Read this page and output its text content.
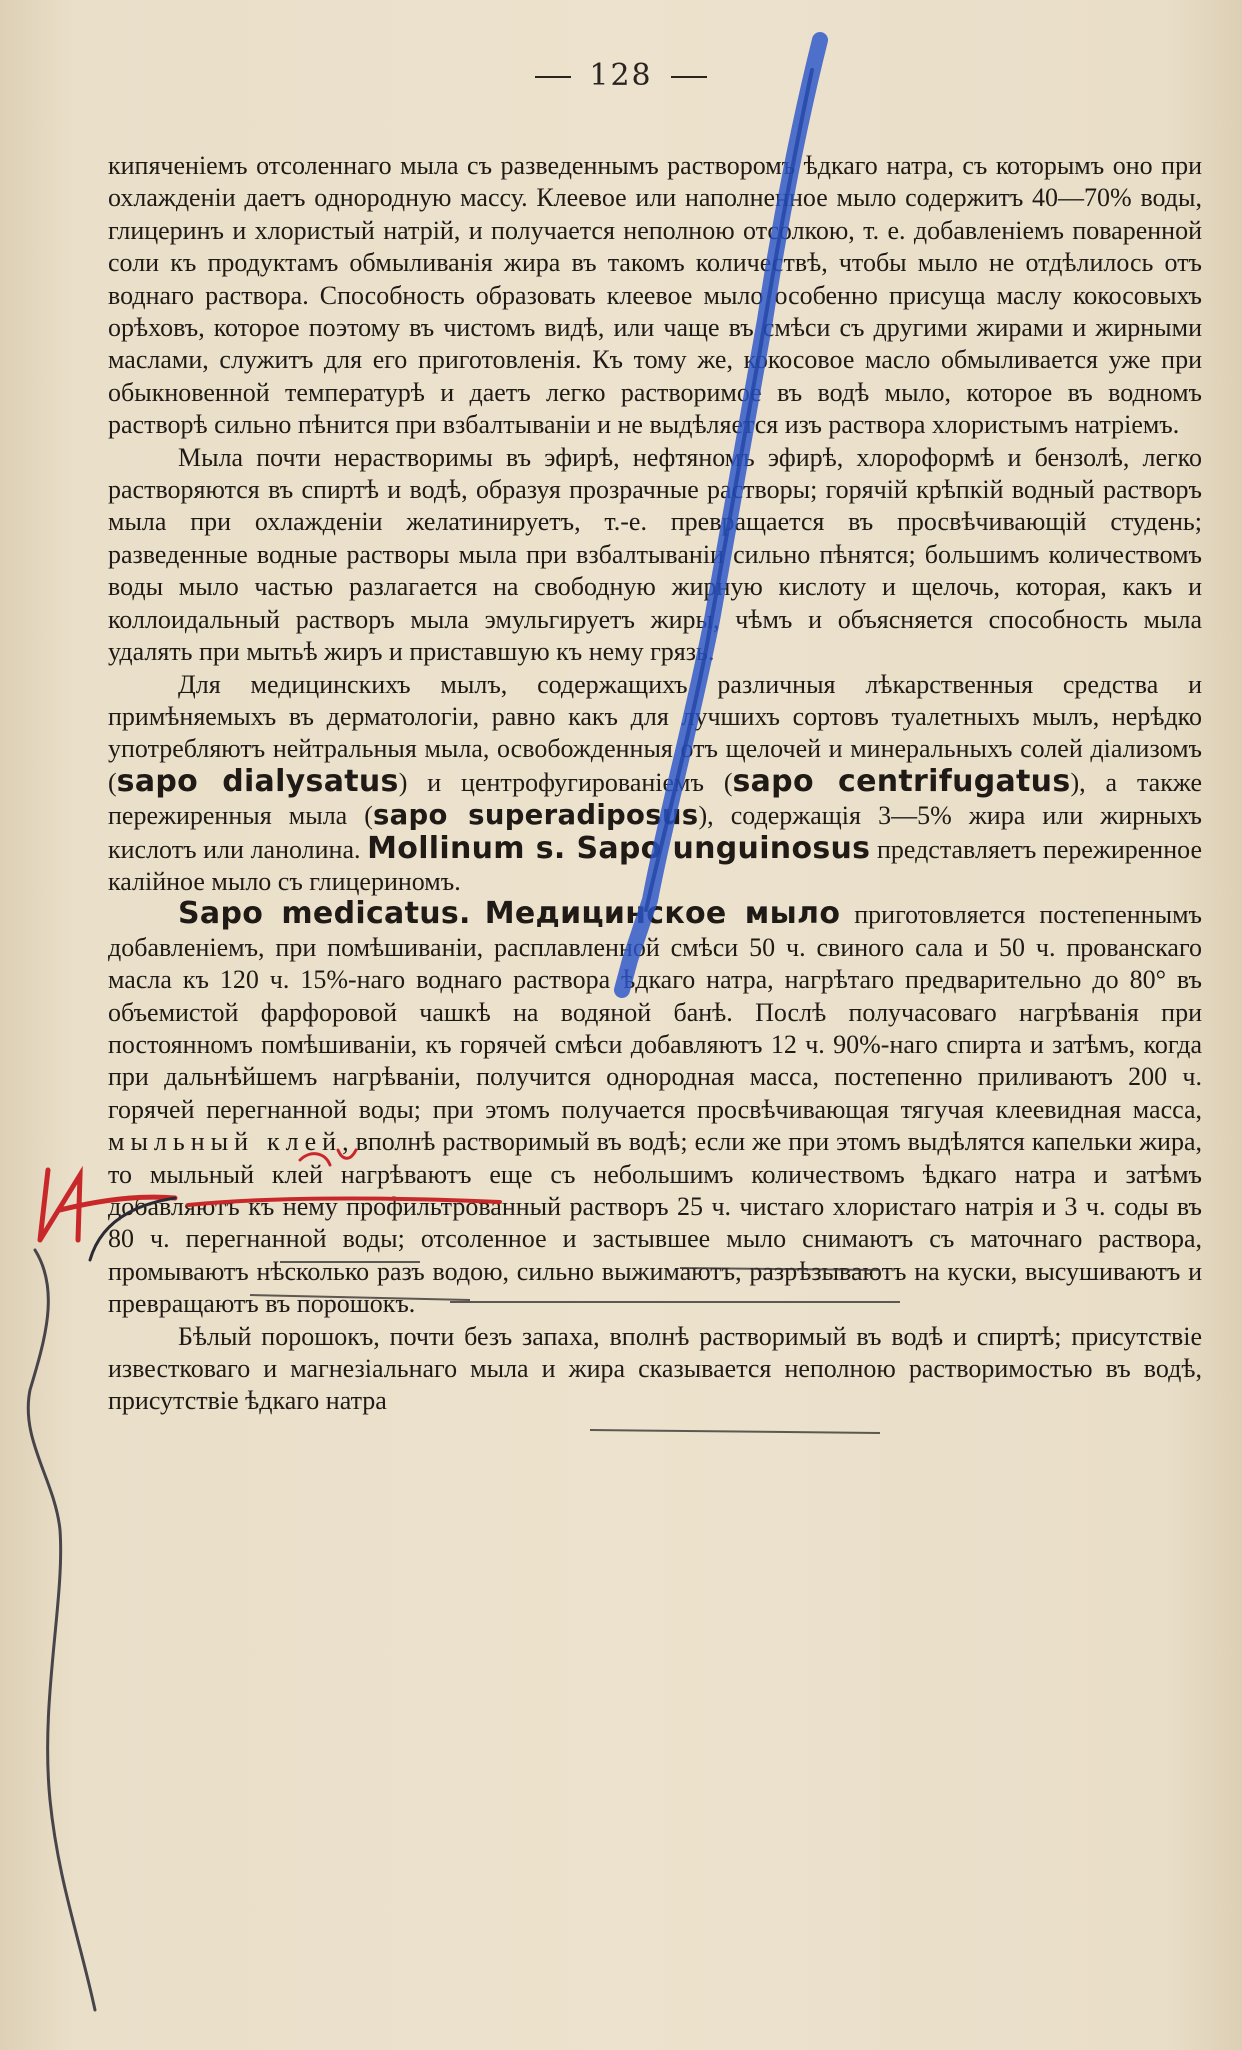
128

кипяченіемъ отсоленнаго мыла съ разведеннымъ растворомъ ѣдкаго натра, съ которымъ оно при охлажденіи даетъ однородную массу. Клеевое или наполненное мыло содержитъ 40—70% воды, глицеринъ и хлористый натрій, и получается неполною отсолкою, т. е. добавленіемъ поваренной соли къ продуктамъ обмыливанія жира въ такомъ количествѣ, чтобы мыло не отдѣлилось отъ воднаго раствора. Способность образовать клеевое мыло особенно присуща маслу кокосовыхъ орѣховъ, которое поэтому въ чистомъ видѣ, или чаще въ смѣси съ другими жирами и жирными маслами, служитъ для его приготовленія. Къ тому же, кокосовое масло обмыливается уже при обыкновенной температурѣ и даетъ легко растворимое въ водѣ мыло, которое въ водномъ растворѣ сильно пѣнится при взбалтываніи и не выдѣляется изъ раствора хлористымъ натріемъ.

Мыла почти нерастворимы въ эфирѣ, нефтяномъ эфирѣ, хлороформѣ и бензолѣ, легко растворяются въ спиртѣ и водѣ, образуя прозрачные растворы; горячій крѣпкій водный растворъ мыла при охлажденіи желатинируетъ, т.-е. превращается въ просвѣчивающій студень; разведенные водные растворы мыла при взбалтываніи сильно пѣнятся; большимъ количествомъ воды мыло частью разлагается на свободную жирную кислоту и щелочь, которая, какъ и коллоидальный растворъ мыла эмульгируетъ жиры, чѣмъ и объясняется способность мыла удалять при мытьѣ жиръ и приставшую къ нему грязь.

Для медицинскихъ мылъ, содержащихъ различныя лѣкарственныя средства и примѣняемыхъ въ дерматологіи, равно какъ для лучшихъ сортовъ туалетныхъ мылъ, нерѣдко употребляютъ нейтральныя мыла, освобожденныя отъ щелочей и минеральныхъ солей діализомъ (sapo dialysatus) и центрофугированіемъ (sapo centrifugatus), а также пережиренныя мыла (sapo superadiposus), содержащія 3—5% жира или жирныхъ кислотъ или ланолина. Mollinum s. Sapo unguinosus представляетъ пережиренное калійное мыло съ глицериномъ.

Sapo medicatus. Медицинское мыло приготовляется постепеннымъ добавленіемъ, при помѣшиваніи, расплавленной смѣси 50 ч. свиного сала и 50 ч. прованскаго масла къ 120 ч. 15%-наго воднаго раствора ѣдкаго натра, нагрѣтаго предварительно до 80° въ объемистой фарфоровой чашкѣ на водяной банѣ. Послѣ получасоваго нагрѣванія при постоянномъ помѣшиваніи, къ горячей смѣси добавляютъ 12 ч. 90%-наго спирта и затѣмъ, когда при дальнѣйшемъ нагрѣваніи, получится однородная масса, постепенно приливаютъ 200 ч. горячей перегнанной воды; при этомъ получается просвѣчивающая тягучая клеевидная масса, мыльный клей, вполнѣ растворимый въ водѣ; если же при этомъ выдѣлятся капельки жира, то мыльный клей нагрѣваютъ еще съ небольшимъ количествомъ ѣдкаго натра и затѣмъ добавляютъ къ нему профильтрованный растворъ 25 ч. чистаго хлористаго натрія и 3 ч. соды въ 80 ч. перегнанной воды; отсоленное и застывшее мыло снимаютъ съ маточнаго раствора, промываютъ нѣсколько разъ водою, сильно выжимаютъ, разрѣзываютъ на куски, высушиваютъ и превращаютъ въ порошокъ.

Бѣлый порошокъ, почти безъ запаха, вполнѣ растворимый въ водѣ и спиртѣ; присутствіе известковаго и магнезіальнаго мыла и жира сказывается неполною растворимостью въ водѣ, присутствіе ѣдкаго натра
